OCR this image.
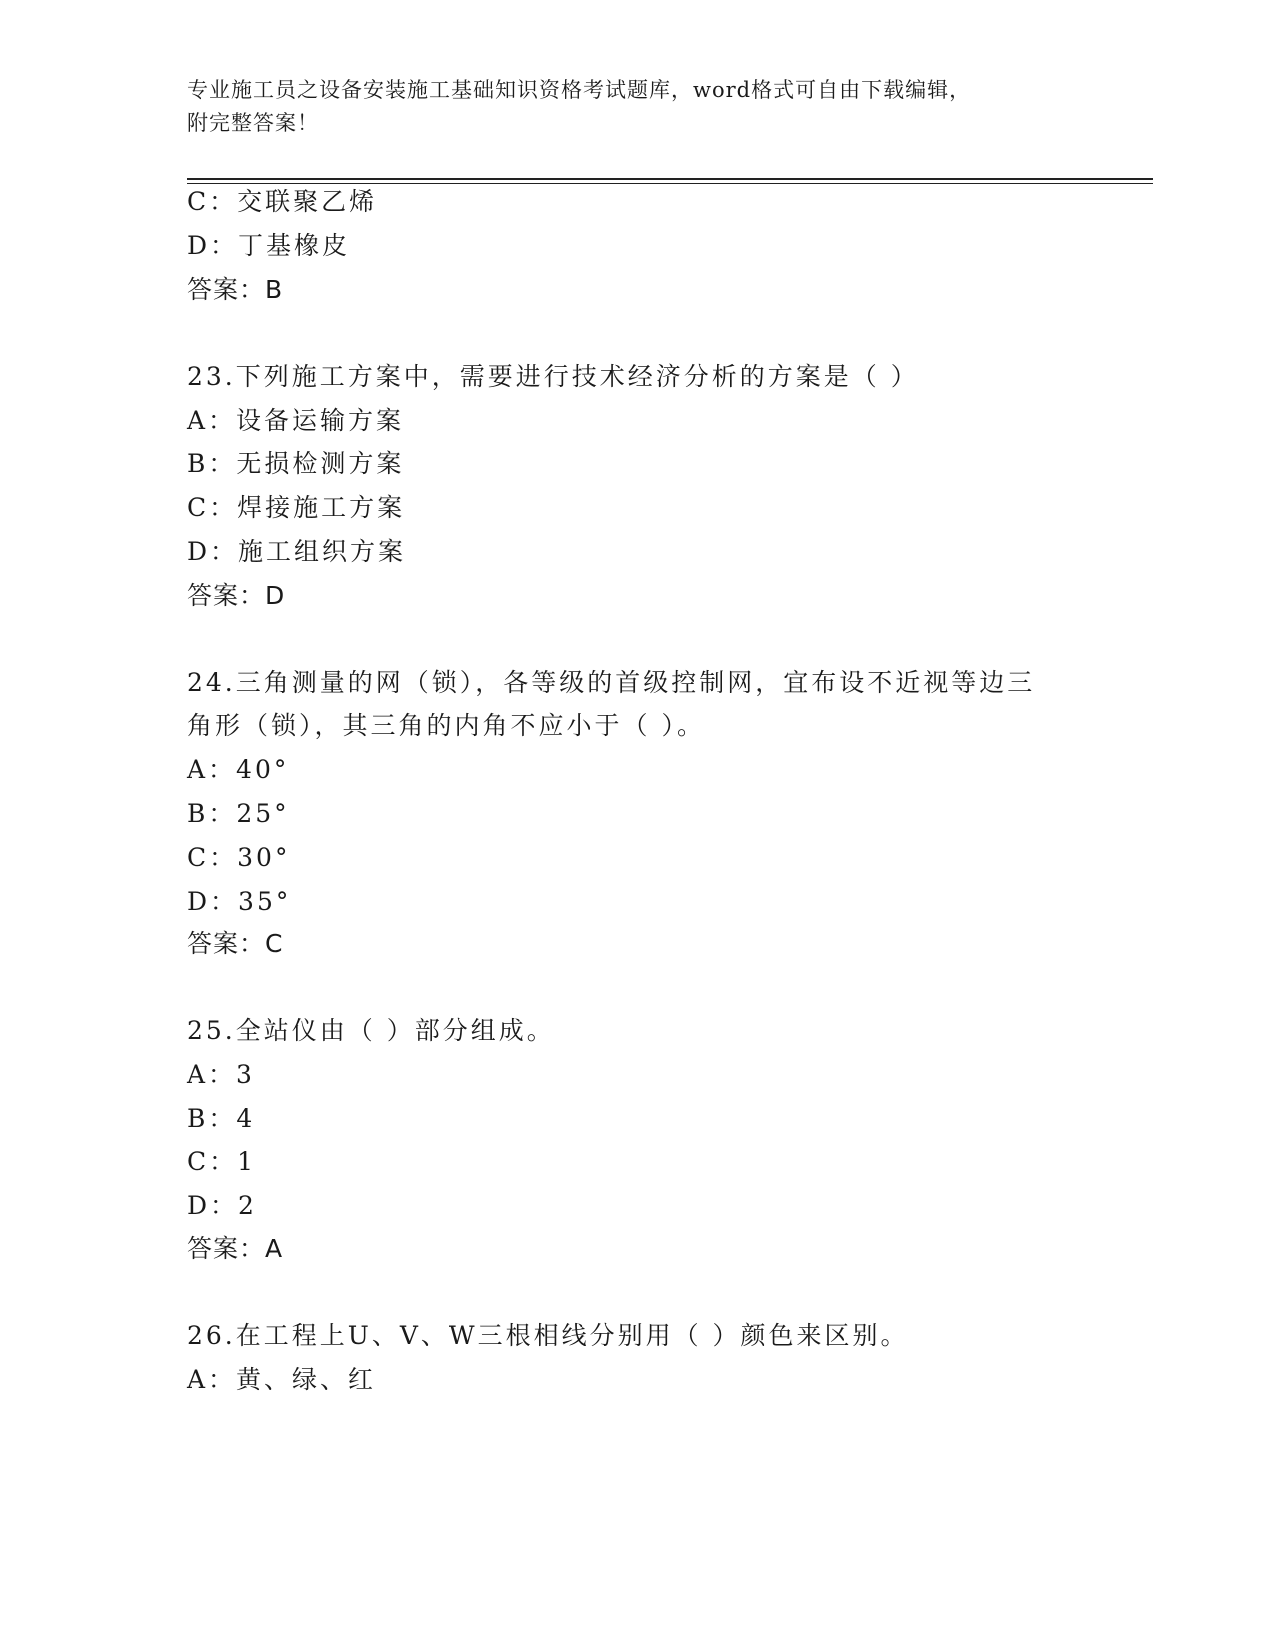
专业施工员之设备安装施工基础知识资格考试题库，word格式可自由下载编辑，
附完整答案！
C：交联聚乙烯
D：丁基橡皮
答案：B
23.下列施工方案中，需要进行技术经济分析的方案是（ ）
A：设备运输方案
B：无损检测方案
C：焊接施工方案
D：施工组织方案
答案：D
24.三角测量的网（锁），各等级的首级控制网，宜布设不近视等边三
角形（锁），其三角的内角不应小于（ ）。
A：40°
B：25°
C：30°
D：35°
答案：C
25.全站仪由（ ）部分组成。
A：3
B：4
C：1
D：2
答案：A
26.在工程上U、V、W三根相线分别用（ ）颜色来区别。
A：黄、绿、红
